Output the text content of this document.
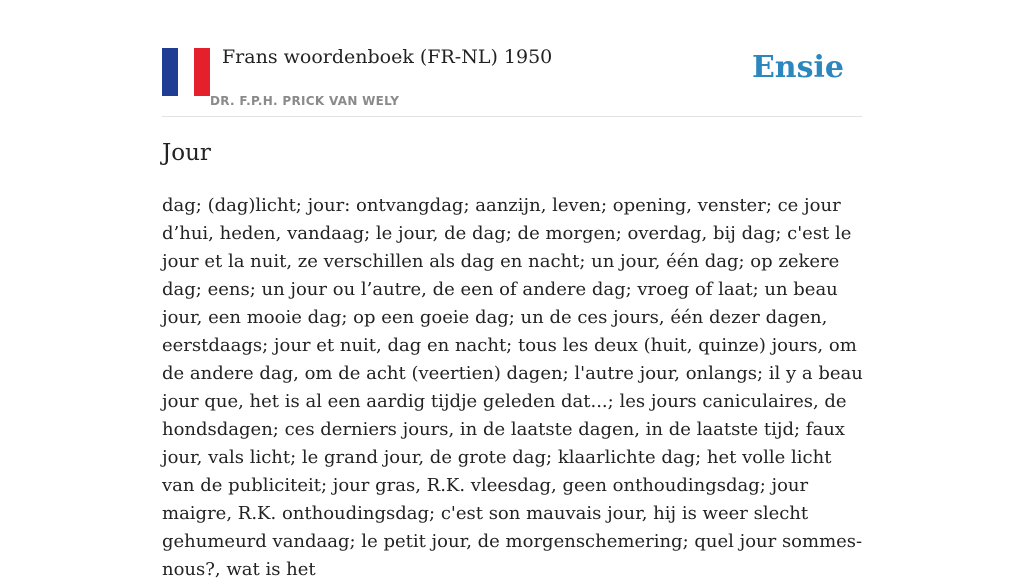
Frans woordenboek (FR-NL) 1950
DR. F.P.H. PRICK VAN WELY
Ensie
Jour

dag; (dag)licht; jour: ontvangdag; aanzijn, leven; opening, venster; ce jour d’hui, heden, vandaag; le jour, de dag; de morgen; overdag, bij dag; c'est le jour et la nuit, ze verschillen als dag en nacht; un jour, één dag; op zekere dag; eens; un jour ou l’autre, de een of andere dag; vroeg of laat; un beau jour, een mooie dag; op een goeie dag; un de ces jours, één dezer dagen, eerstdaags; jour et nuit, dag en nacht; tous les deux (huit, quinze) jours, om de andere dag, om de acht (veertien) dagen; l'autre jour, onlangs; il y a beau jour que, het is al een aardig tijdje geleden dat...; les jours caniculaires, de hondsdagen; ces derniers jours, in de laatste dagen, in de laatste tijd; faux jour, vals licht; le grand jour, de grote dag; klaarlichte dag; het volle licht van de publiciteit; jour gras, R.K. vleesdag, geen onthoudingsdag; jour maigre, R.K. onthoudingsdag; c'est son mauvais jour, hij is weer slecht gehumeurd vandaag; le petit jour, de morgenschemering; quel jour sommes-nous?, wat is het
